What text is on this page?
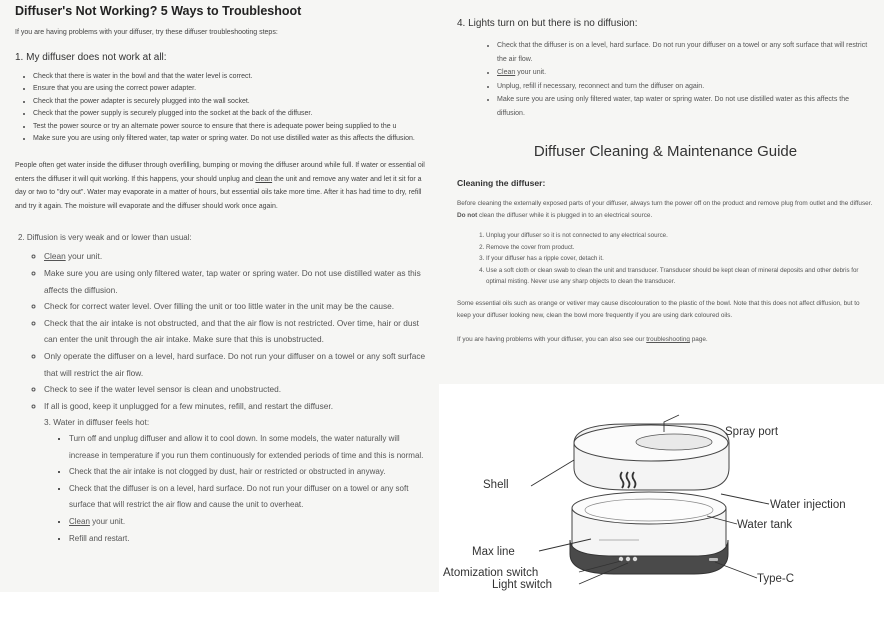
Diffuser's Not Working? 5 Ways to Troubleshoot

If you are having problems with your diffuser, try these diffuser troubleshooting steps:

1. My diffuser does not work at all:
• Check that there is water in the bowl and that the water level is correct.
• Ensure that you are using the correct power adapter.
• Check that the power adapter is securely plugged into the wall socket.
• Check that the power supply is securely plugged into the socket at the back of the diffuser.
• Test the power source or try an alternate power source to ensure that there is adequate power being supplied to the u
• Make sure you are using only filtered water, tap water or spring water. Do not use distilled water as this affects the diffusion.

People often get water inside the diffuser through overfilling, bumping or moving the diffuser around while full. If water or essential oil enters the diffuser it will quit working. If this happens, your should unplug and clean the unit and remove any water and let it sit for a day or two to "dry out". Water may evaporate in a matter of hours, but essential oils take more time. After it has had time to dry, refill and try it again. The moisture will evaporate and the diffuser should work once again.

2. Diffusion is very weak and or lower than usual:
◦ Clean your unit.
◦ Make sure you are using only filtered water, tap water or spring water. Do not use distilled water as this affects the diffusion.
◦ Check for correct water level. Over filling the unit or too little water in the unit may be the cause.
◦ Check that the air intake is not obstructed, and that the air flow is not restricted. Over time, hair or dust can enter the unit through the air intake. Make sure that this is unobstructed.
◦ Only operate the diffuser on a level, hard surface. Do not run your diffuser on a towel or any soft surface that will restrict the air flow.
◦ Check to see if the water level sensor is clean and unobstructed.
◦ If all is good, keep it unplugged for a few minutes, refill, and restart the diffuser.
3. Water in diffuser feels hot:
▪ Turn off and unplug diffuser and allow it to cool down. In some models, the water naturally will increase in temperature if you run them continuously for extended periods of time and this is normal.
▪ Check that the air intake is not clogged by dust, hair or restricted or obstructed in anyway.
▪ Check that the diffuser is on a level, hard surface. Do not run your diffuser on a towel or any soft surface that will restrict the air flow and cause the unit to overheat.
▪ Clean your unit.
▪ Refill and restart.
4. Lights turn on but there is no diffusion:
• Check that the diffuser is on a level, hard surface. Do not run your diffuser on a towel or any soft surface that will restrict the air flow.
• Clean your unit.
• Unplug, refill if necessary, reconnect and turn the diffuser on again.
• Make sure you are using only filtered water, tap water or spring water. Do not use distilled water as this affects the diffusion.
Diffuser Cleaning & Maintenance Guide
Cleaning the diffuser:

Before cleaning the externally exposed parts of your diffuser, always turn the power off on the product and remove plug from outlet and the diffuser. Do not clean the diffuser while it is plugged in to an electrical source.

1. Unplug your diffuser so it is not connected to any electrical source.
2. Remove the cover from product.
3. If your diffuser has a ripple cover, detach it.
4. Use a soft cloth or clean swab to clean the unit and transducer. Transducer should be kept clean of mineral deposits and other debris for optimal misting. Never use any sharp objects to clean the transducer.

Some essential oils such as orange or vetiver may cause discolouration to the plastic of the bowl. Note that this does not affect diffusion, but to keep your diffuser looking new, clean the bowl more frequently if you are using dark coloured oils.

If you are having problems with your diffuser, you can also see our troubleshooting page.

Spray port
Shell
Water injection
Water tank
Max line
Atomization switch
Light switch	Type-C
